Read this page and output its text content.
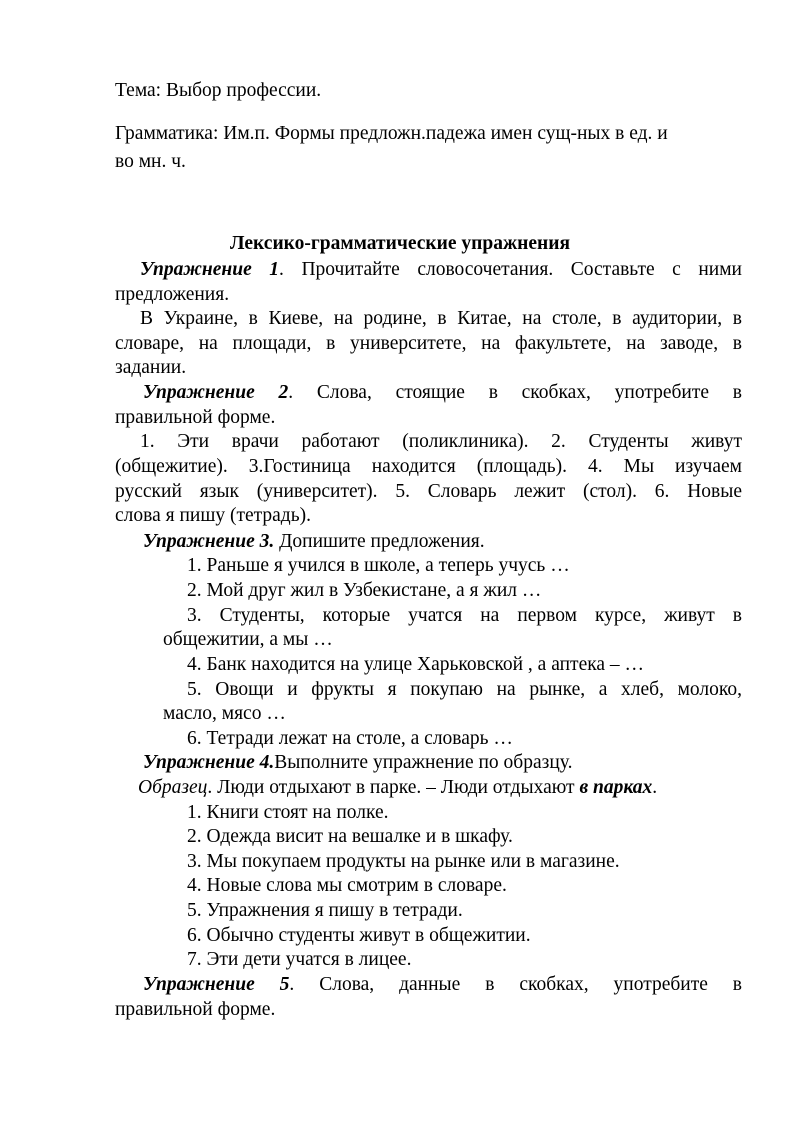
Тема: Выбор профессии.
Грамматика: Им.п. Формы предложн.падежа имен сущ-ных в ед. и
во мн. ч.
Лексико-грамматические упражнения
Упражнение 1. Прочитайте словосочетания. Составьте с ними
предложения.
В Украине, в Киеве, на родине, в Китае, на столе, в аудитории, в
словаре, на площади, в университете, на факультете, на заводе, в
задании.
Упражнение 2. Слова, стоящие в скобках, употребите в
правильной форме.
1. Эти врачи работают (поликлиника). 2. Студенты живут
(общежитие). 3.Гостиница находится (площадь). 4. Мы изучаем
русский язык (университет). 5. Словарь лежит (стол). 6. Новые
слова я пишу (тетрадь).
Упражнение 3. Допишите предложения.
1. Раньше я учился в школе, а теперь учусь …
2. Мой друг жил в Узбекистане, а я жил …
3. Студенты, которые учатся на первом курсе, живут в
общежитии, а мы …
4. Банк находится на улице Харьковской , а аптека – …
5. Овощи и фрукты я покупаю на рынке, а хлеб, молоко,
масло, мясо …
6. Тетради лежат на столе, а словарь …
Упражнение 4.Выполните упражнение по образцу.
Образец. Люди отдыхают в парке. – Люди отдыхают в парках.
1. Книги стоят на полке.
2. Одежда висит на вешалке и в шкафу.
3. Мы покупаем продукты на рынке или в магазине.
4. Новые слова мы смотрим в словаре.
5. Упражнения я пишу в тетради.
6. Обычно студенты живут в общежитии.
7. Эти дети учатся в лицее.
Упражнение 5. Слова, данные в скобках, употребите в
правильной форме.
